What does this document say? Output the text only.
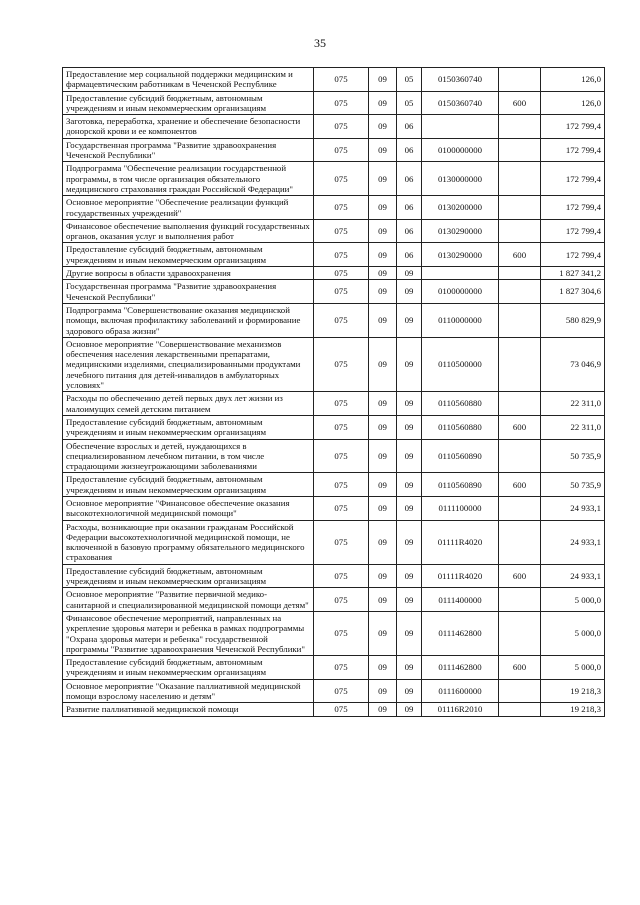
35
Предоставление мер социальной поддержки медицинским и фармацевтическим работникам в Чеченской Республике	075	09	05	0150360740		126,0
Предоставление субсидий бюджетным, автономным учреждениям и иным некоммерческим организациям	075	09	05	0150360740	600	126,0
Заготовка, переработка, хранение и обеспечение безопасности донорской крови и ее компонентов	075	09	06			172 799,4
Государственная программа "Развитие здравоохранения Чеченской Республики"	075	09	06	0100000000		172 799,4
Подпрограмма "Обеспечение реализации государственной программы, в том числе организация обязательного медицинского страхования граждан Российской Федерации"	075	09	06	0130000000		172 799,4
Основное мероприятие "Обеспечение реализации функций государственных учреждений"	075	09	06	0130200000		172 799,4
Финансовое обеспечение выполнения функций государственных органов, оказания услуг и выполнения работ	075	09	06	0130290000		172 799,4
Предоставление субсидий бюджетным, автономным учреждениям и иным некоммерческим организациям	075	09	06	0130290000	600	172 799,4
Другие вопросы в области здравоохранения	075	09	09			1 827 341,2
Государственная программа "Развитие здравоохранения Чеченской Республики"	075	09	09	0100000000		1 827 304,6
Подпрограмма "Совершенствование оказания медицинской помощи, включая профилактику заболеваний и формирование здорового образа жизни"	075	09	09	0110000000		580 829,9
Основное мероприятие "Совершенствование механизмов обеспечения населения лекарственными препаратами, медицинскими изделиями, специализированными продуктами лечебного питания для детей-инвалидов в амбулаторных условиях"	075	09	09	0110500000		73 046,9
Расходы по обеспечению детей первых двух лет жизни из малоимущих семей детским питанием	075	09	09	0110560880		22 311,0
Предоставление субсидий бюджетным, автономным учреждениям и иным некоммерческим организациям	075	09	09	0110560880	600	22 311,0
Обеспечение взрослых и детей, нуждающихся в специализированном лечебном питании, в том числе страдающими жизнеугрожающими заболеваниями	075	09	09	0110560890		50 735,9
Предоставление субсидий бюджетным, автономным учреждениям и иным некоммерческим организациям	075	09	09	0110560890	600	50 735,9
Основное мероприятие "Финансовое обеспечение оказания высокотехнологичной медицинской помощи"	075	09	09	0111100000		24 933,1
Расходы, возникающие при оказании гражданам Российской Федерации высокотехнологичной медицинской помощи, не включенной в базовую программу обязательного медицинского страхования	075	09	09	01111R4020		24 933,1
Предоставление субсидий бюджетным, автономным учреждениям и иным некоммерческим организациям	075	09	09	01111R4020	600	24 933,1
Основное мероприятие "Развитие первичной медико-санитарной и специализированной медицинской помощи детям"	075	09	09	0111400000		5 000,0
Финансовое обеспечение мероприятий, направленных на укрепление здоровья матери и ребенка в рамках подпрограммы "Охрана здоровья матери и ребенка" государственной программы "Развитие здравоохранения Чеченской Республики"	075	09	09	0111462800		5 000,0
Предоставление субсидий бюджетным, автономным учреждениям и иным некоммерческим организациям	075	09	09	0111462800	600	5 000,0
Основное мероприятие "Оказание паллиативной медицинской помощи взрослому населению и детям"	075	09	09	0111600000		19 218,3
Развитие паллиативной медицинской помощи	075	09	09	01116R2010		19 218,3
